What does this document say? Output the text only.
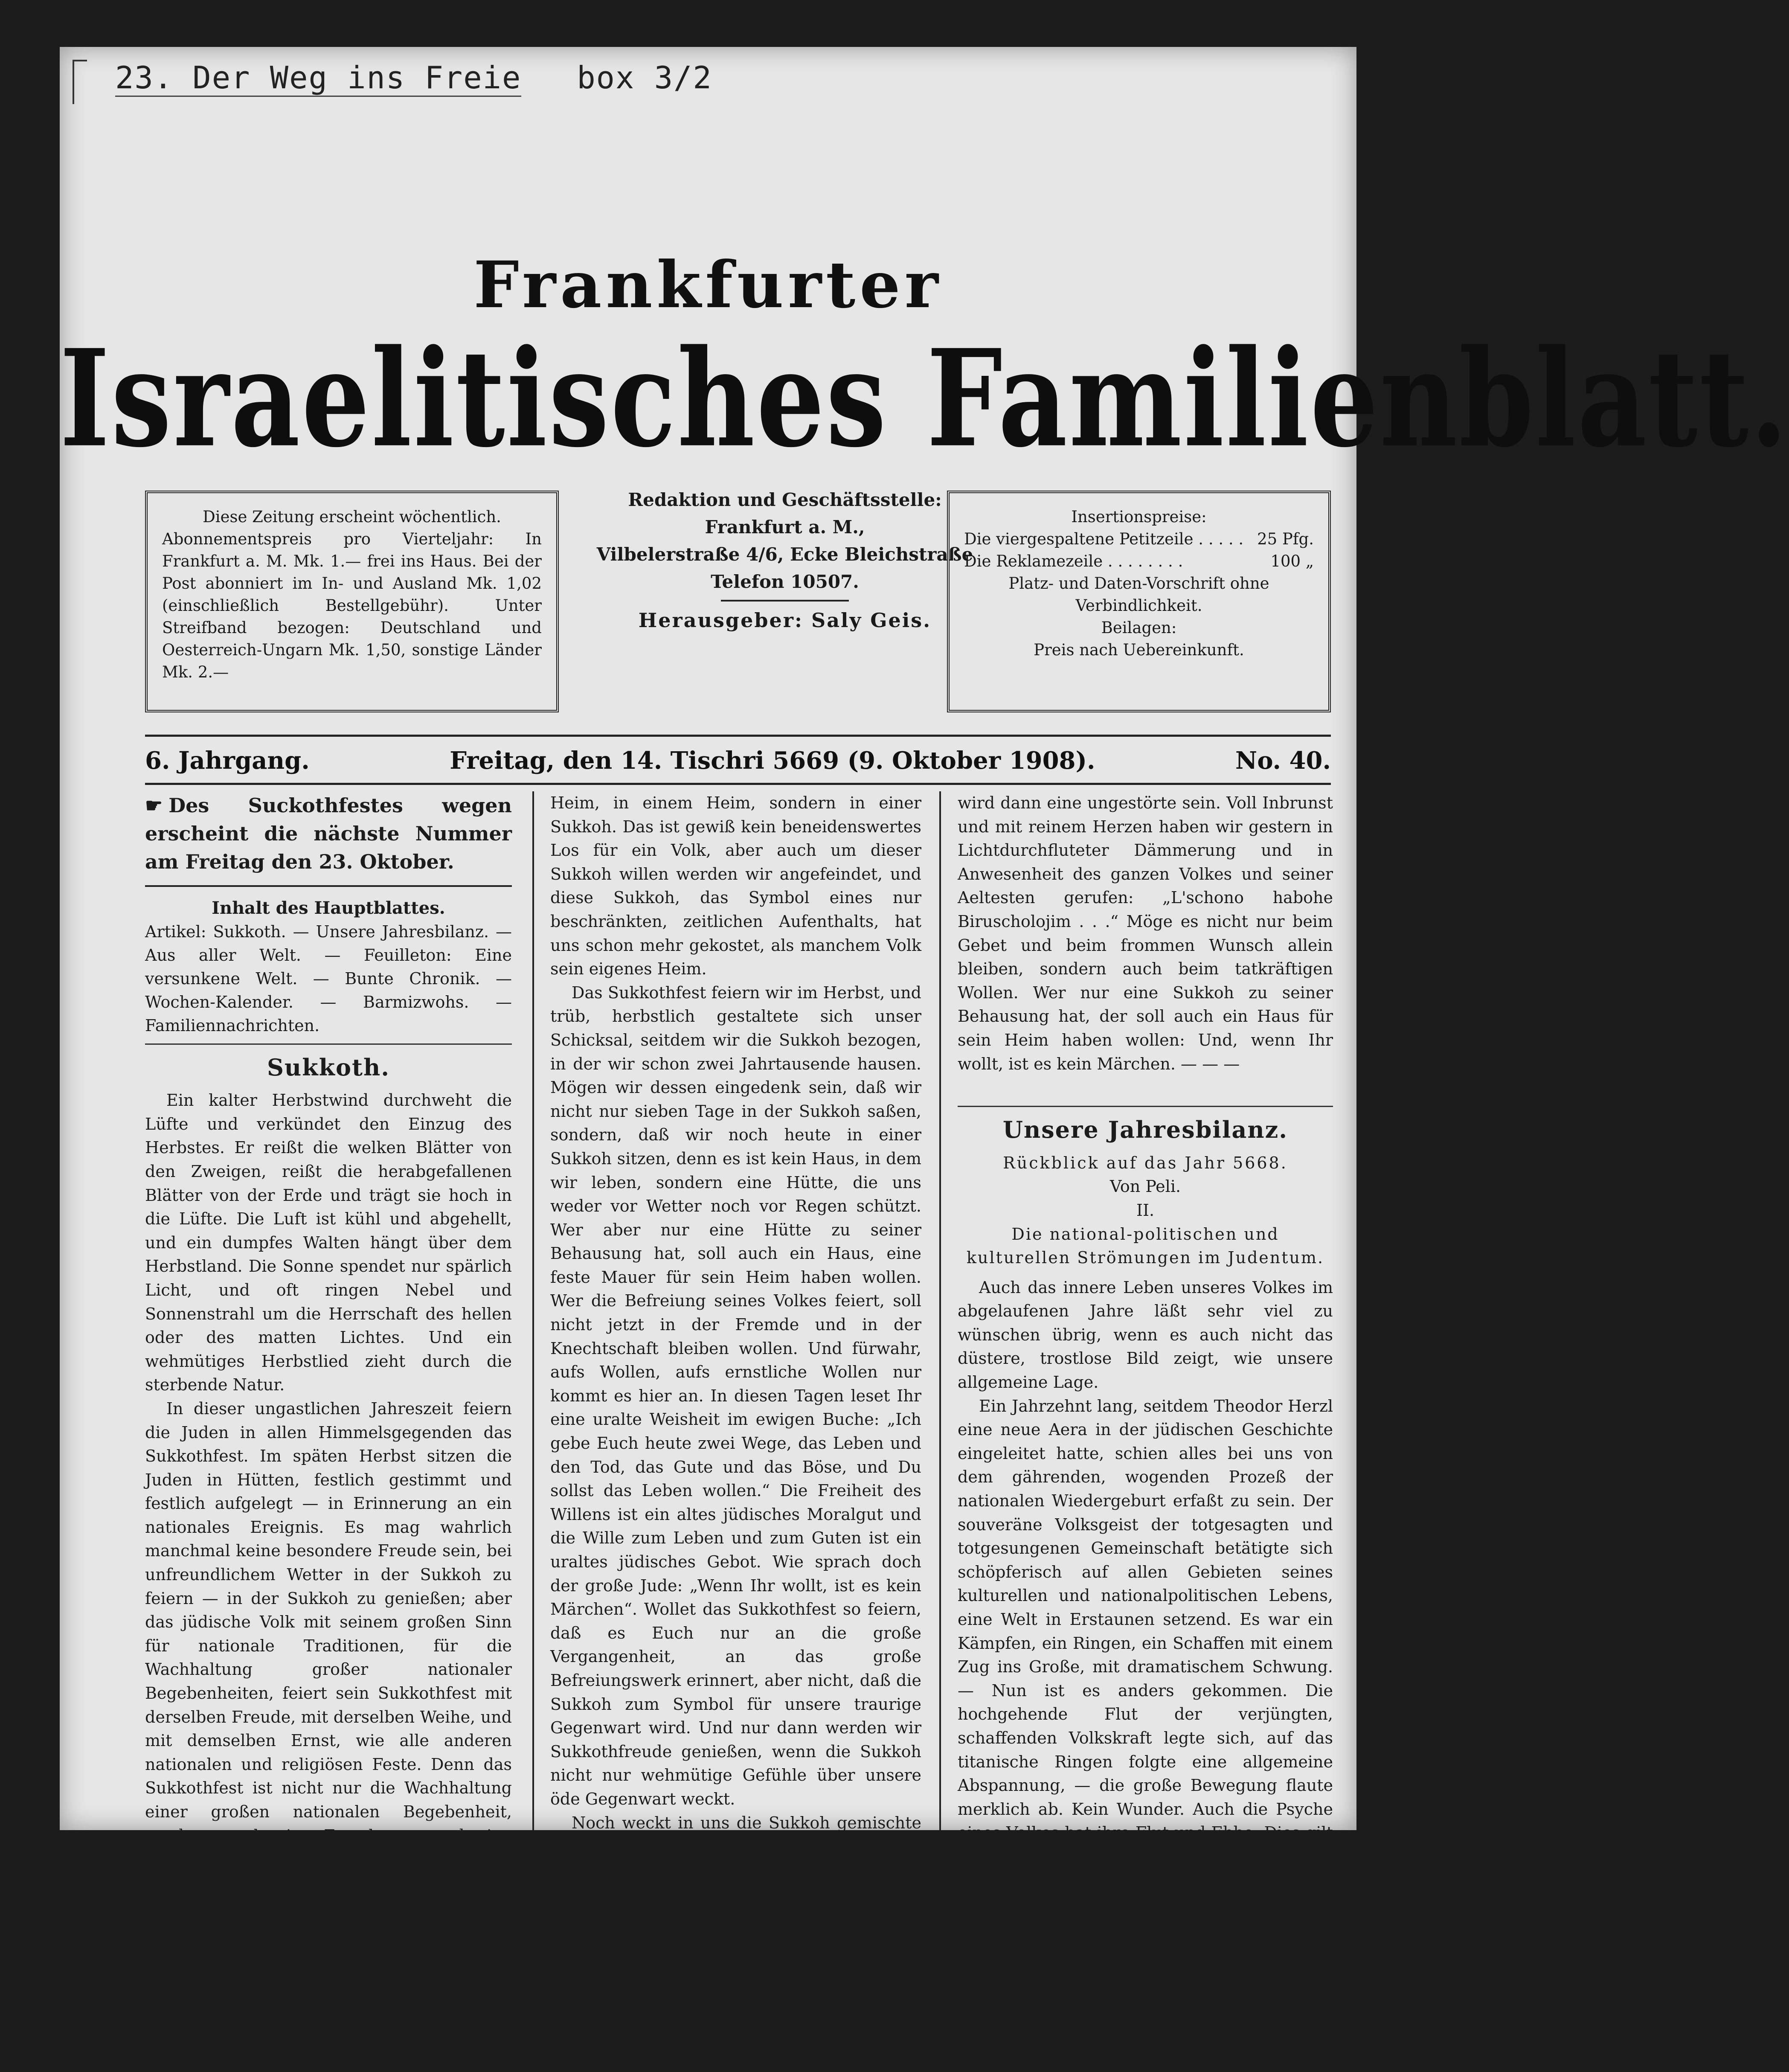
23. Der Weg ins Freie box 3/2
Frankfurter
Israelitisches Familienblatt.
Diese Zeitung erscheint wöchentlich.
Abonnementspreis pro Vierteljahr: In Frankfurt a. M. Mk. 1.— frei ins Haus. Bei der Post abonniert im In- und Ausland Mk. 1,02 (einschließlich Bestellgebühr). Unter Streifband bezogen: Deutschland und Oesterreich-Ungarn Mk. 1,50, sonstige Länder Mk. 2.—
Redaktion und Geschäftsstelle:
Frankfurt a. M.,
Vilbelerstraße 4/6, Ecke Bleichstraße
Telefon 10507.
Herausgeber: Saly Geis.
Insertionspreise:
Die viergespaltene Petitzeile . . . . . 25 Pfg.
Die Reklamezeile . . . . . . . .	100 „
Platz- und Daten-Vorschrift ohne Verbindlichkeit.
Beilagen:
Preis nach Uebereinkunft.
6. Jahrgang.	Freitag, den 14. Tischri 5669 (9. Oktober 1908).	No. 40.
☛ Des Suckothfestes wegen erscheint die nächste Nummer am Freitag den 23. Oktober.
Inhalt des Hauptblattes.
Artikel: Sukkoth. — Unsere Jahresbilanz. — Aus aller Welt. — Feuilleton: Eine versunkene Welt. — Bunte Chronik. — Wochen-Kalender. — Barmizwohs. — Familiennachrichten.
Sukkoth.

Ein kalter Herbstwind durchweht die Lüfte und verkündet den Einzug des Herbstes. Er reißt die welken Blätter von den Zweigen, reißt die herabgefallenen Blätter von der Erde und trägt sie hoch in die Lüfte. Die Luft ist kühl und abgehellt, und ein dumpfes Walten hängt über dem Herbstland. Die Sonne spendet nur spärlich Licht, und oft ringen Nebel und Sonnenstrahl um die Herrschaft des hellen oder des matten Lichtes. Und ein wehmütiges Herbstlied zieht durch die sterbende Natur.

In dieser ungastlichen Jahreszeit feiern die Juden in allen Himmelsgegenden das Sukkothfest. Im späten Herbst sitzen die Juden in Hütten, festlich gestimmt und festlich aufgelegt — in Erinnerung an ein nationales Ereignis. Es mag wahrlich manchmal keine besondere Freude sein, bei unfreundlichem Wetter in der Sukkoh zu feiern — in der Sukkoh zu genießen; aber das jüdische Volk mit seinem großen Sinn für nationale Traditionen, für die Wachhaltung großer nationaler Begebenheiten, feiert sein Sukkothfest mit derselben Freude, mit derselben Weihe, und mit demselben Ernst, wie alle anderen nationalen und religiösen Feste. Denn das Sukkothfest ist nicht nur die Wachhaltung einer großen nationalen Begebenheit, sondern auch eine Ermahnung und eine Warnung — eine Mahnung speziell für die Juden in der Diaspora. — In Sukkoth haben unsere Väter gewohnt, als sie von Egypten auszogen, und die Sukkoh war ein Uebergangsstadium von Knechtschaft zu Freiheit, von drückender Nachbarschaft zur selbständigen Häuslichkeit.

In der Fremde, noch immer in der Fremde

Heim, in einem Heim, sondern in einer Sukkoh. Das ist gewiß kein beneidenswertes Los für ein Volk, aber auch um dieser Sukkoh willen werden wir angefeindet, und diese Sukkoh, das Symbol eines nur beschränkten, zeitlichen Aufenthalts, hat uns schon mehr gekostet, als manchem Volk sein eigenes Heim.

Das Sukkothfest feiern wir im Herbst, und trüb, herbstlich gestaltete sich unser Schicksal, seitdem wir die Sukkoh bezogen, in der wir schon zwei Jahrtausende hausen. Mögen wir dessen eingedenk sein, daß wir nicht nur sieben Tage in der Sukkoh saßen, sondern, daß wir noch heute in einer Sukkoh sitzen, denn es ist kein Haus, in dem wir leben, sondern eine Hütte, die uns weder vor Wetter noch vor Regen schützt. Wer aber nur eine Hütte zu seiner Behausung hat, soll auch ein Haus, eine feste Mauer für sein Heim haben wollen. Wer die Befreiung seines Volkes feiert, soll nicht jetzt in der Fremde und in der Knechtschaft bleiben wollen. Und fürwahr, aufs Wollen, aufs ernstliche Wollen nur kommt es hier an. In diesen Tagen leset Ihr eine uralte Weisheit im ewigen Buche: „Ich gebe Euch heute zwei Wege, das Leben und den Tod, das Gute und das Böse, und Du sollst das Leben wollen.“ Die Freiheit des Willens ist ein altes jüdisches Moralgut und die Wille zum Leben und zum Guten ist ein uraltes jüdisches Gebot. Wie sprach doch der große Jude: „Wenn Ihr wollt, ist es kein Märchen“. Wollet das Sukkothfest so feiern, daß es Euch nur an die große Vergangenheit, an das große Befreiungswerk erinnert, aber nicht, daß die Sukkoh zum Symbol für unsere traurige Gegenwart wird. Und nur dann werden wir Sukkothfreude genießen, wenn die Sukkoh nicht nur wehmütige Gefühle über unsere öde Gegenwart weckt.

Noch weckt in uns die Sukkoh gemischte Gefühle, denn die Sukkoh als ständiger Aufenthaltsort ist kein glückliches Schicksal, und die Freude an einer Doppelsukkoh ist nicht rein. Und unsere Festesfreude soll eine reine sein. „Wesomachto bechagecho“ — Du sollst Dich freuen an und mit Deinen Festen. Nun sieh': Die Wand der Sukkoh ist so dünn, und draußen lauert der Feind. . . So wird die Freude und die feierliche Stimmung des Festes durch das

wird dann eine ungestörte sein. Voll Inbrunst und mit reinem Herzen haben wir gestern in Lichtdurchfluteter Dämmerung und in Anwesenheit des ganzen Volkes und seiner Aeltesten gerufen: „L'schono habohe Biruscholojim . . .“ Möge es nicht nur beim Gebet und beim frommen Wunsch allein bleiben, sondern auch beim tatkräftigen Wollen. Wer nur eine Sukkoh zu seiner Behausung hat, der soll auch ein Haus für sein Heim haben wollen: Und, wenn Ihr wollt, ist es kein Märchen. — — —

Unsere Jahresbilanz.
Rückblick auf das Jahr 5668.
Von Peli.
II.
Die national-politischen und kulturellen Strömungen im Judentum.

Auch das innere Leben unseres Volkes im abgelaufenen Jahre läßt sehr viel zu wünschen übrig, wenn es auch nicht das düstere, trostlose Bild zeigt, wie unsere allgemeine Lage.

Ein Jahrzehnt lang, seitdem Theodor Herzl eine neue Aera in der jüdischen Geschichte eingeleitet hatte, schien alles bei uns von dem gährenden, wogenden Prozeß der nationalen Wiedergeburt erfaßt zu sein. Der souveräne Volksgeist der totgesagten und totgesungenen Gemeinschaft betätigte sich schöpferisch auf allen Gebieten seines kulturellen und nationalpolitischen Lebens, eine Welt in Erstaunen setzend. Es war ein Kämpfen, ein Ringen, ein Schaffen mit einem Zug ins Große, mit dramatischem Schwung. — Nun ist es anders gekommen. Die hochgehende Flut der verjüngten, schaffenden Volkskraft legte sich, auf das titanische Ringen folgte eine allgemeine Abspannung, — die große Bewegung flaute merklich ab. Kein Wunder. Auch die Psyche eines Volkes hat ihre Flut und Ebbe. Dies gilt in erhöhtem Maße von einem Volke, das überall in der exzeptionellen Stellung einer Minoritätsgruppe lebt. Ein solches Volk hat immer eine „doppelte Buchführung“, und zwar mit ungünstiger Bilanz: es lebt weniger sein eigenes, als seiner Herren Nachbarn Leben. Oft, allzu oft wird es zum Spielball fremder Faktoren und Verhält-
